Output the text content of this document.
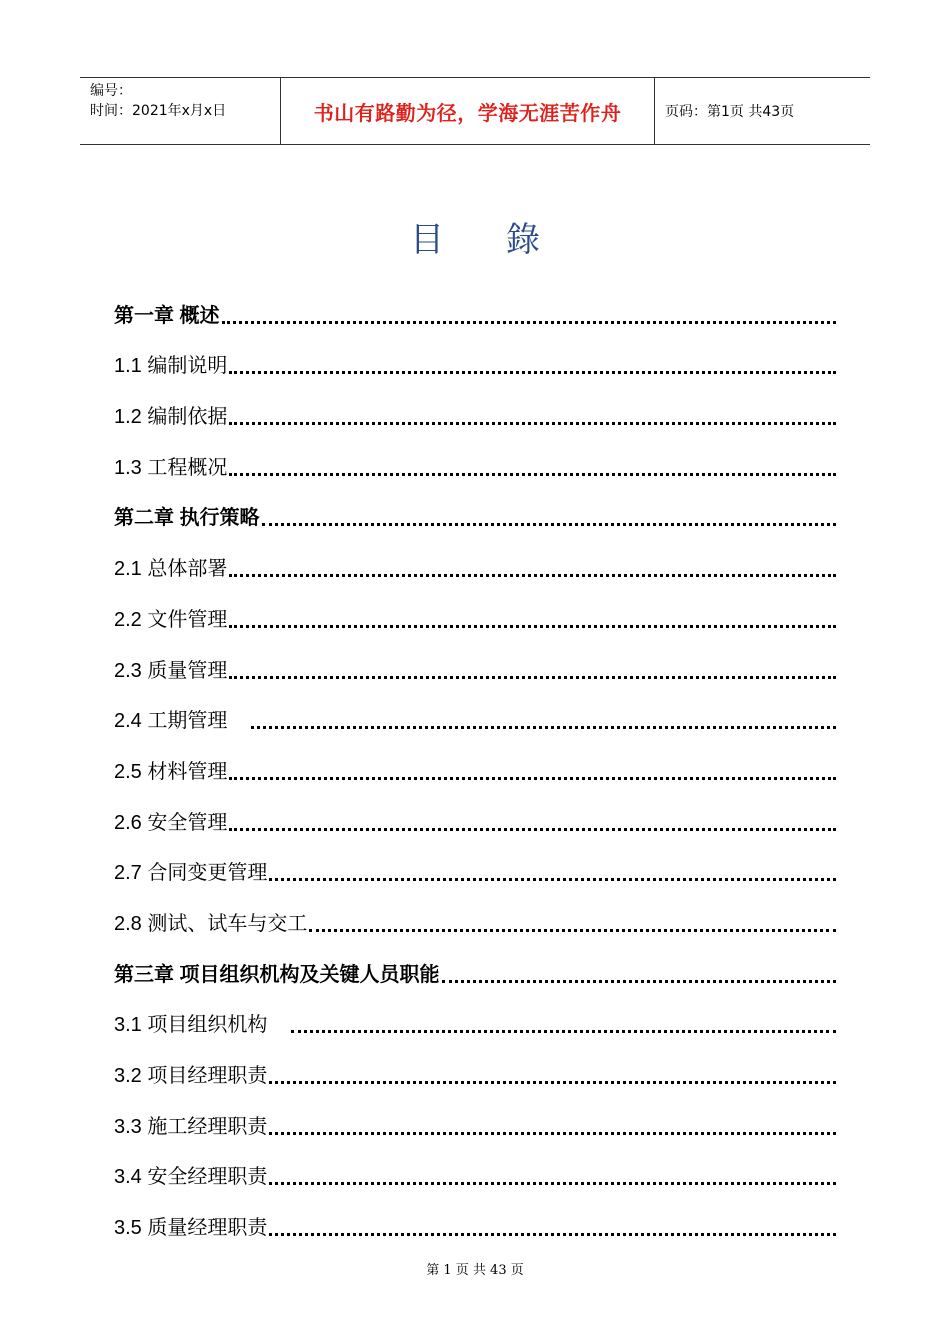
编号：
时间：2021年x月x日	书山有路勤为径，学海无涯苦作舟	页码：第1页 共43页
目 錄
第一章 概述
1.1 编制说明
1.2 编制依据
1.3 工程概况
第二章 执行策略
2.1 总体部署
2.2 文件管理
2.3 质量管理
2.4 工期管理
2.5 材料管理
2.6 安全管理
2.7 合同变更管理
2.8 测试、试车与交工
第三章 项目组织机构及关键人员职能
3.1 项目组织机构
3.2 项目经理职责
3.3 施工经理职责
3.4 安全经理职责
3.5 质量经理职责
第 1 页 共 43 页
